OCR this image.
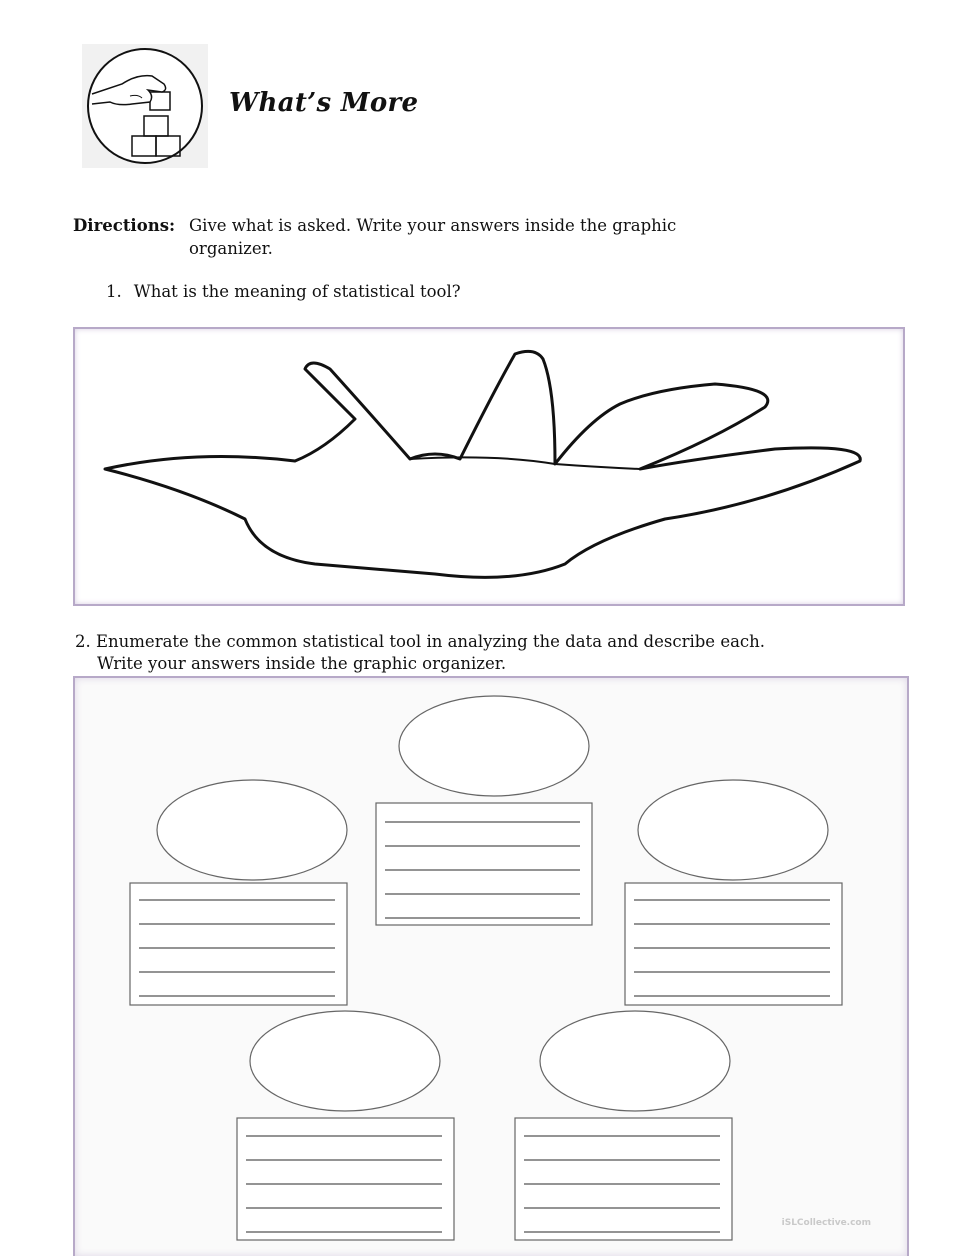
What’s More
Directions: Give what is asked. Write your answers inside the graphic organizer.
1. What is the meaning of statistical tool?
2. Enumerate the common statistical tool in analyzing the data and describe each.
Write your answers inside the graphic organizer.
iSLCollective.com
